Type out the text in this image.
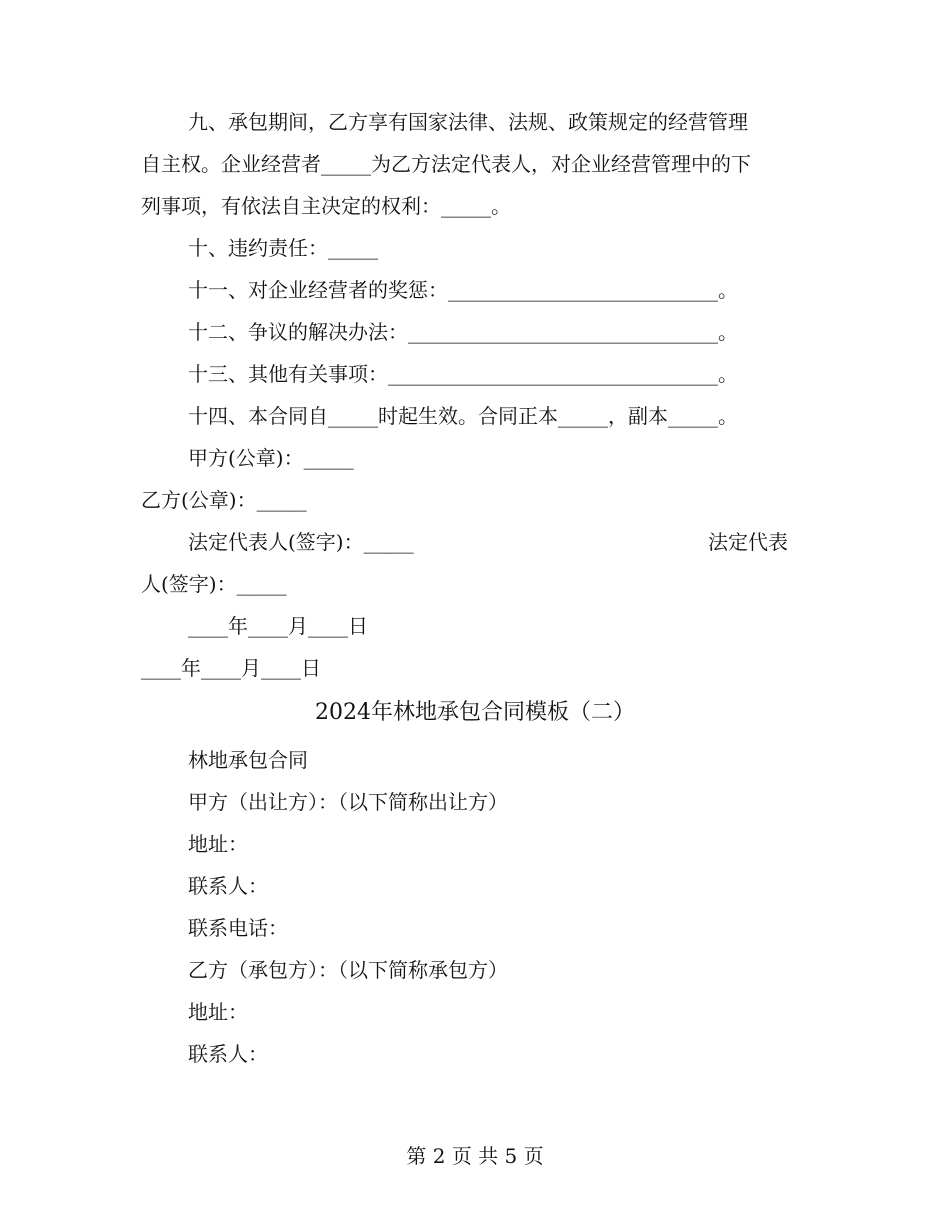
九、承包期间，乙方享有国家法律、法规、政策规定的经营管理
自主权。企业经营者_____为乙方法定代表人，对企业经营管理中的下
列事项，有依法自主决定的权利：_____。
十、违约责任：_____
十一、对企业经营者的奖惩：___________________________。
十二、争议的解决办法：_______________________________。
十三、其他有关事项：_________________________________。
十四、本合同自_____时起生效。合同正本_____，副本_____。
甲方(公章)：_____
乙方(公章)：_____
法定代表人(签字)：_____	法定代表
人(签字)：_____
____年____月____日
____年____月____日
2024年林地承包合同模板（二）
林地承包合同
甲方（出让方）：（以下简称出让方）
地址：
联系人：
联系电话：
乙方（承包方）：（以下简称承包方）
地址：
联系人：
第 2 页 共 5 页
